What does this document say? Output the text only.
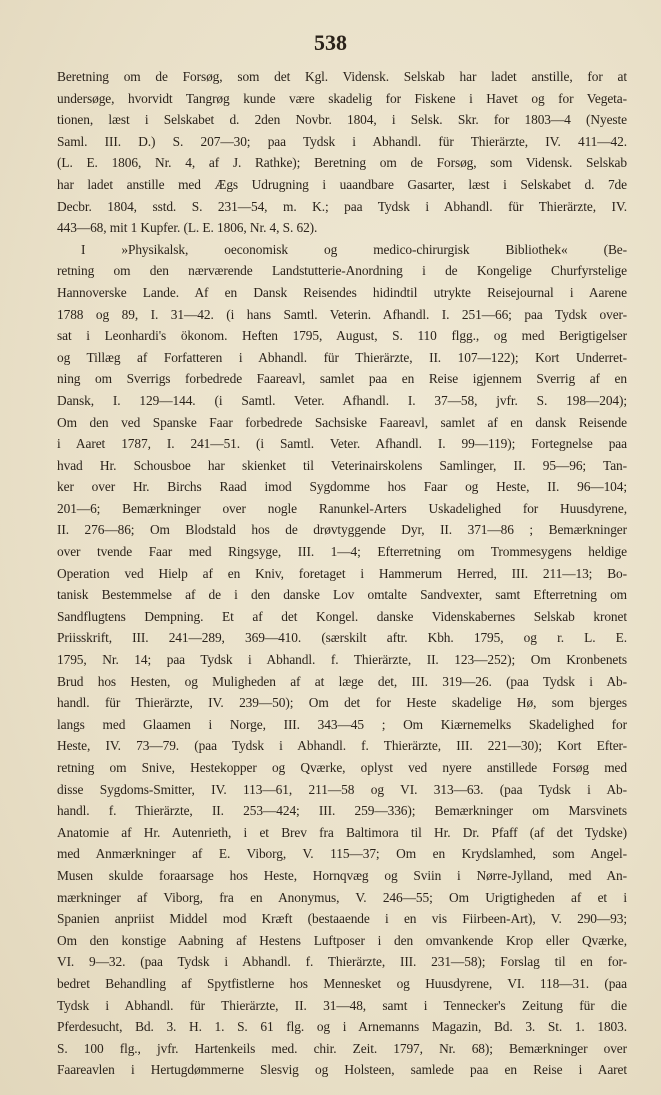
538
Beretning om de Forsøg, som det Kgl. Vidensk. Selskab har ladet anstille, for at
undersøge, hvorvidt Tangrøg kunde være skadelig for Fiskene i Havet og for Vegeta-
tionen, læst i Selskabet d. 2den Novbr. 1804, i Selsk. Skr. for 1803—4 (Nyeste
Saml. III. D.) S. 207—30; paa Tydsk i Abhandl. für Thierärzte, IV. 411—42.
(L. E. 1806, Nr. 4, af J. Rathke); Beretning om de Forsøg, som Vidensk. Selskab
har ladet anstille med Ægs Udrugning i uaandbare Gasarter, læst i Selskabet d. 7de
Decbr. 1804, sstd. S. 231—54, m. K.; paa Tydsk i Abhandl. für Thierärzte, IV.
443—68, mit 1 Kupfer. (L. E. 1806, Nr. 4, S. 62).
I »Physikalsk, oeconomisk og medico-chirurgisk Bibliothek« (Be-
retning om den nærværende Landstutterie-Anordning i de Kongelige Churfyrstelige
Hannoverske Lande. Af en Dansk Reisendes hidindtil utrykte Reisejournal i Aarene
1788 og 89, I. 31—42. (i hans Samtl. Veterin. Afhandl. I. 251—66; paa Tydsk over-
sat i Leonhardi's ökonom. Heften 1795, August, S. 110 flgg., og med Berigtigelser
og Tillæg af Forfatteren i Abhandl. für Thierärzte, II. 107—122); Kort Underret-
ning om Sverrigs forbedrede Faareavl, samlet paa en Reise igjennem Sverrig af en
Dansk, I. 129—144. (i Samtl. Veter. Afhandl. I. 37—58, jvfr. S. 198—204);
Om den ved Spanske Faar forbedrede Sachsiske Faareavl, samlet af en dansk Reisende
i Aaret 1787, I. 241—51. (i Samtl. Veter. Afhandl. I. 99—119); Fortegnelse paa
hvad Hr. Schousboe har skienket til Veterinairskolens Samlinger, II. 95—96; Tan-
ker over Hr. Birchs Raad imod Sygdomme hos Faar og Heste, II. 96—104;
201—6; Bemærkninger over nogle Ranunkel-Arters Uskadelighed for Huusdyrene,
II. 276—86; Om Blodstald hos de drøvtyggende Dyr, II. 371—86 ; Bemærkninger
over tvende Faar med Ringsyge, III. 1—4; Efterretning om Trommesygens heldige
Operation ved Hielp af en Kniv, foretaget i Hammerum Herred, III. 211—13; Bo-
tanisk Bestemmelse af de i den danske Lov omtalte Sandvexter, samt Efterretning om
Sandflugtens Dempning. Et af det Kongel. danske Videnskabernes Selskab kronet
Priisskrift, III. 241—289, 369—410. (særskilt aftr. Kbh. 1795, og r. L. E.
1795, Nr. 14; paa Tydsk i Abhandl. f. Thierärzte, II. 123—252); Om Kronbenets
Brud hos Hesten, og Muligheden af at læge det, III. 319—26. (paa Tydsk i Ab-
handl. für Thierärzte, IV. 239—50); Om det for Heste skadelige Hø, som bjerges
langs med Glaamen i Norge, III. 343—45 ; Om Kiærnemelks Skadelighed for
Heste, IV. 73—79. (paa Tydsk i Abhandl. f. Thierärzte, III. 221—30); Kort Efter-
retning om Snive, Hestekopper og Qværke, oplyst ved nyere anstillede Forsøg med
disse Sygdoms-Smitter, IV. 113—61, 211—58 og VI. 313—63. (paa Tydsk i Ab-
handl. f. Thierärzte, II. 253—424; III. 259—336); Bemærkninger om Marsvinets
Anatomie af Hr. Autenrieth, i et Brev fra Baltimora til Hr. Dr. Pfaff (af det Tydske)
med Anmærkninger af E. Viborg, V. 115—37; Om en Krydslamhed, som Angel-
Musen skulde foraarsage hos Heste, Hornqvæg og Sviin i Nørre-Jylland, med An-
mærkninger af Viborg, fra en Anonymus, V. 246—55; Om Urigtigheden af et i
Spanien anpriist Middel mod Kræft (bestaaende i en vis Fiirbeen-Art), V. 290—93;
Om den konstige Aabning af Hestens Luftposer i den omvankende Krop eller Qværke,
VI. 9—32. (paa Tydsk i Abhandl. f. Thierärzte, III. 231—58); Forslag til en for-
bedret Behandling af Spytfistlerne hos Mennesket og Huusdyrene, VI. 118—31. (paa
Tydsk i Abhandl. für Thierärzte, II. 31—48, samt i Tennecker's Zeitung für die
Pferdesucht, Bd. 3. H. 1. S. 61 flg. og i Arnemanns Magazin, Bd. 3. St. 1. 1803.
S. 100 flg., jvfr. Hartenkeils med. chir. Zeit. 1797, Nr. 68); Bemærkninger over
Faareavlen i Hertugdømmerne Slesvig og Holsteen, samlede paa en Reise i Aaret
